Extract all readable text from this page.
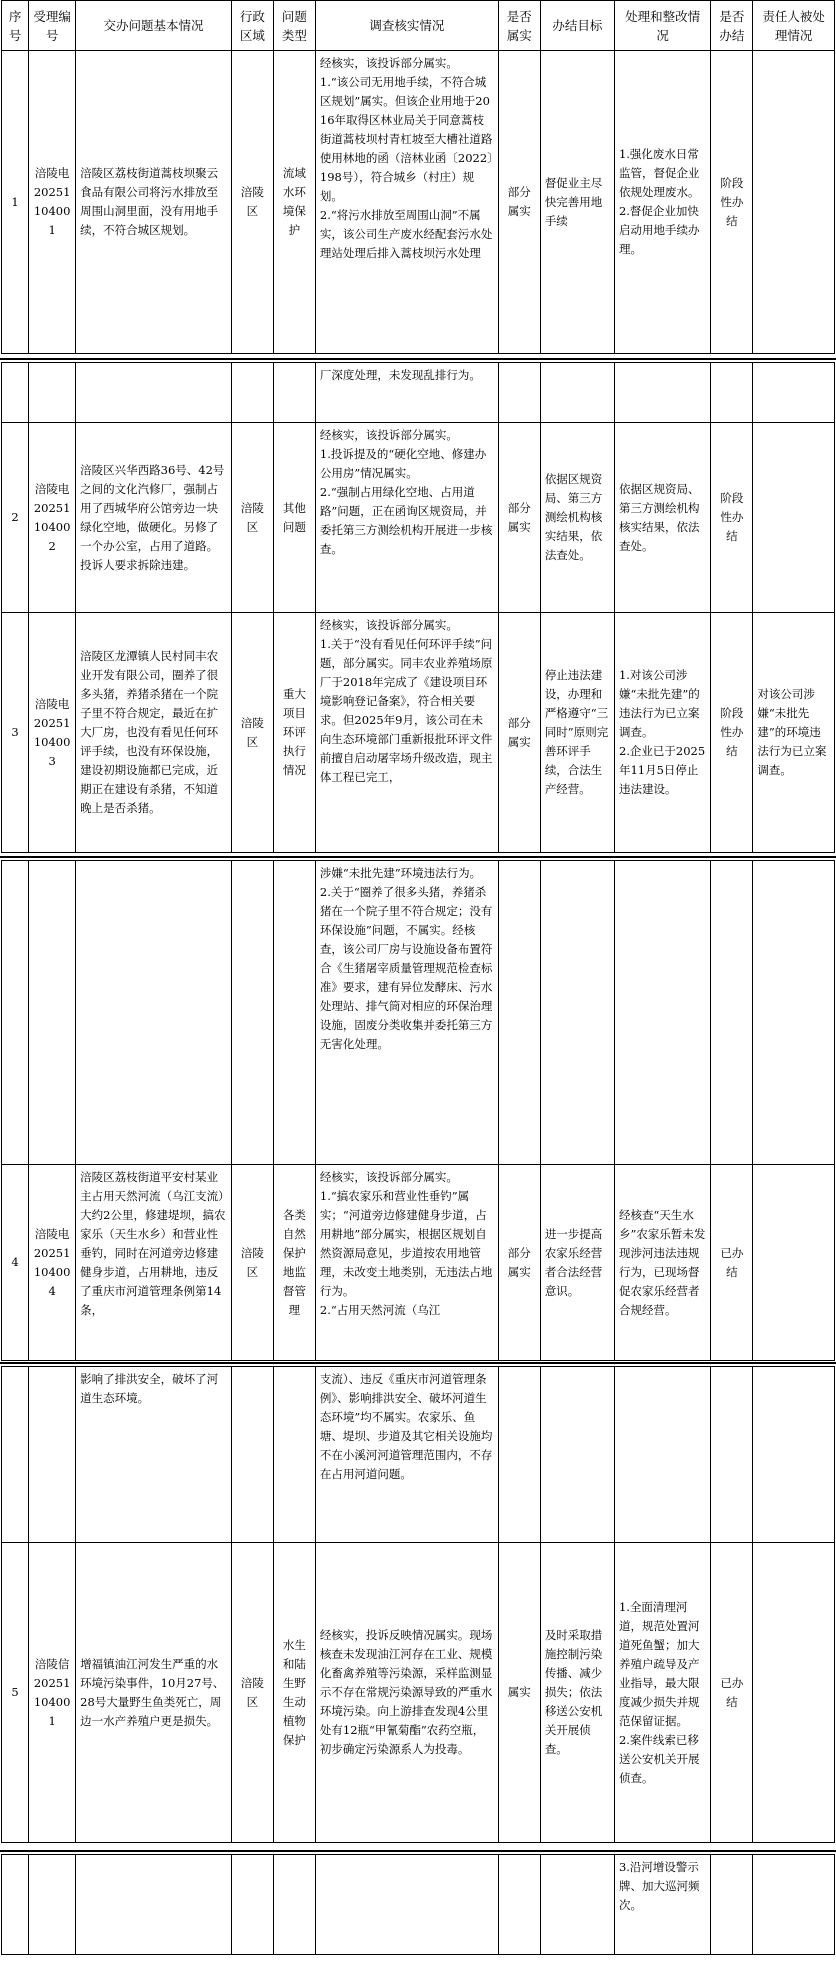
序号	受理编号	交办问题基本情况	行政区域	问题类型	调查核实情况	是否属实	办结目标	处理和整改情况	是否办结	责任人被处理情况
1	涪陵电20251104001	涪陵区荔枝街道蒿枝坝聚云食品有限公司将污水排放至周围山洞里面，没有用地手续，不符合城区规划。	涪陵区	流域水环境保护	经核实，该投诉部分属实。
1.“该公司无用地手续，不符合城区规划”属实。但该企业用地于2016年取得区林业局关于同意蒿枝街道蒿枝坝村青杠坡至大槽社道路使用林地的函（涪林业函〔2022〕198号），符合城乡（村庄）规划。
2.“将污水排放至周围山洞”不属实，该公司生产废水经配套污水处理站处理后排入蒿枝坝污水处理	部分属实	督促业主尽快完善用地手续	1.强化废水日常监管，督促企业依规处理废水。2.督促企业加快启动用地手续办理。	阶段性办结	
					厂深度处理，未发现乱排行为。					
2	涪陵电20251104002	涪陵区兴华西路36号、42号之间的文化汽修厂，强制占用了西城华府公馆旁边一块绿化空地，做硬化。另修了一个办公室，占用了道路。投诉人要求拆除违建。	涪陵区	其他问题	经核实，该投诉部分属实。
1.投诉提及的“硬化空地、修建办公用房”情况属实。
2.“强制占用绿化空地、占用道路”问题，正在函询区规资局，并委托第三方测绘机构开展进一步核查。	部分属实	依据区规资局、第三方测绘机构核实结果，依法查处。	依据区规资局、第三方测绘机构核实结果，依法查处。	阶段性办结	
3	涪陵电20251104003	涪陵区龙潭镇人民村同丰农业开发有限公司，圈养了很多头猪，养猪杀猪在一个院子里不符合规定，最近在扩大厂房，也没有看见任何环评手续，也没有环保设施，建设初期设施都已完成，近期正在建设有杀猪，不知道晚上是否杀猪。	涪陵区	重大项目环评执行情况	经核实，该投诉部分属实。
1.关于“没有看见任何环评手续”问题，部分属实。同丰农业养殖场原厂于2018年完成了《建设项目环境影响登记备案》，符合相关要求。但2025年9月，该公司在未向生态环境部门重新报批环评文件前擅自启动屠宰场升级改造，现主体工程已完工，	部分属实	停止违法建设，办理和严格遵守“三同时”原则完善环评手续，合法生产经营。	1.对该公司涉嫌“未批先建”的违法行为已立案调查。
2.企业已于2025年11月5日停止违法建设。	阶段性办结	对该公司涉嫌“未批先建”的环境违法行为已立案调查。
					涉嫌“未批先建”环境违法行为。
2.关于“圈养了很多头猪，养猪杀猪在一个院子里不符合规定；没有环保设施”问题，不属实。经核查，该公司厂房与设施设备布置符合《生猪屠宰质量管理规范检查标准》要求，建有异位发酵床、污水处理站、排气筒对相应的环保治理设施，固废分类收集并委托第三方无害化处理。					
4	涪陵电20251104004	涪陵区荔枝街道平安村某业主占用天然河流（乌江支流）大约2公里，修建堤坝，搞农家乐（天生水乡）和营业性垂钓，同时在河道旁边修建健身步道，占用耕地，违反了重庆市河道管理条例第14条，	涪陵区	各类自然保护地监督管理	经核实，该投诉部分属实。
1.“搞农家乐和营业性垂钓”属实；“河道旁边修建健身步道，占用耕地”部分属实，根据区规划自然资源局意见，步道按农用地管理，未改变土地类别，无违法占地行为。
2.“占用天然河流（乌江	部分属实	进一步提高农家乐经营者合法经营意识。	经核查“天生水乡”农家乐暂未发现涉河违法违规行为，已现场督促农家乐经营者合规经营。	已办结	
		影响了排洪安全，破坏了河道生态环境。			支流）、违反《重庆市河道管理条例》、影响排洪安全、破坏河道生态环境”均不属实。农家乐、鱼塘、堤坝、步道及其它相关设施均不在小溪河河道管理范围内，不存在占用河道问题。					
5	涪陵信20251104001	增福镇油江河发生严重的水环境污染事件，10月27号、28号大量野生鱼类死亡，周边一水产养殖户更是损失。	涪陵区	水生和陆生野生动植物保护	经核实，投诉反映情况属实。现场核查未发现油江河存在工业、规模化畜禽养殖等污染源，采样监测显示不存在常规污染源导致的严重水环境污染。向上游排查发现4公里处有12瓶“甲氰菊酯”农药空瓶，初步确定污染源系人为投毒。	属实	及时采取措施控制污染传播、减少损失；依法移送公安机关开展侦查。	1.全面清理河道，规范处置河道死鱼蟹；加大养殖户疏导及产业指导，最大限度减少损失并规范保留证据。
2.案件线索已移送公安机关开展侦查。	已办结	
								3.沿河增设警示牌、加大巡河频次。		
